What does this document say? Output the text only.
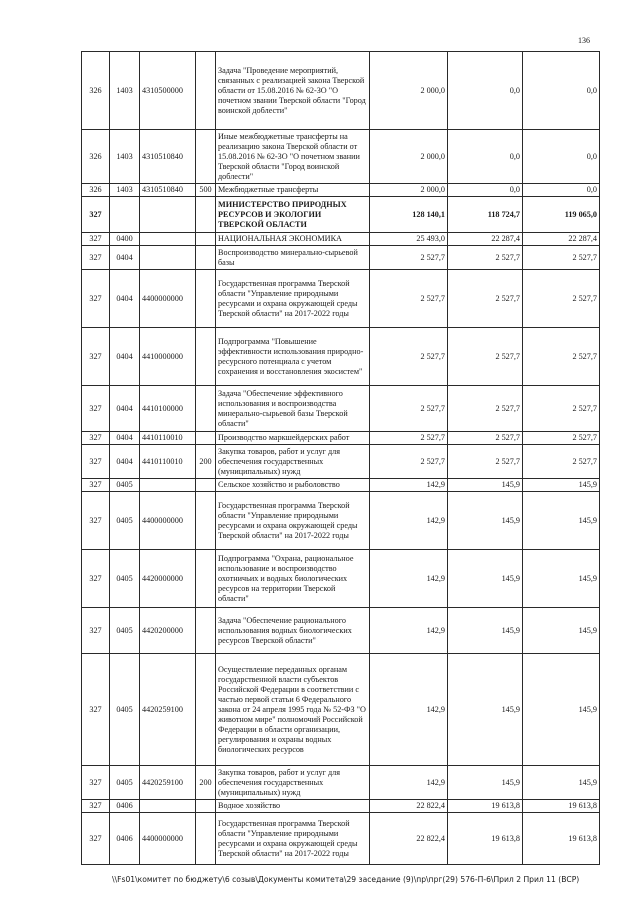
136
326	1403	4310500000		Задача "Проведение мероприятий, связанных с реализацией закона Тверской области от 15.08.2016 № 62-ЗО "О почетном звании Тверской области "Город воинской доблести"	2 000,0	0,0	0,0
326	1403	4310510840		Иные межбюджетные трансферты на реализацию закона Тверской области от 15.08.2016 № 62-ЗО "О почетном звании Тверской области "Город воинской доблести"	2 000,0	0,0	0,0
326	1403	4310510840	500	Межбюджетные трансферты	2 000,0	0,0	0,0
327				МИНИСТЕРСТВО ПРИРОДНЫХ РЕСУРСОВ И ЭКОЛОГИИ ТВЕРСКОЙ ОБЛАСТИ	128 140,1	118 724,7	119 065,0
327	0400			НАЦИОНАЛЬНАЯ ЭКОНОМИКА	25 493,0	22 287,4	22 287,4
327	0404			Воспроизводство минерально-сырьевой базы	2 527,7	2 527,7	2 527,7
327	0404	4400000000		Государственная программа Тверской области "Управление природными ресурсами и охрана окружающей среды Тверской области" на 2017-2022 годы	2 527,7	2 527,7	2 527,7
327	0404	4410000000		Подпрограмма "Повышение эффективности использования природно-ресурсного потенциала с учетом сохранения и восстановления экосистем"	2 527,7	2 527,7	2 527,7
327	0404	4410100000		Задача "Обеспечение эффективного использования и воспроизводства минерально-сырьевой базы Тверской области"	2 527,7	2 527,7	2 527,7
327	0404	4410110010		Производство маркшейдерских работ	2 527,7	2 527,7	2 527,7
327	0404	4410110010	200	Закупка товаров, работ и услуг для обеспечения государственных (муниципальных) нужд	2 527,7	2 527,7	2 527,7
327	0405			Сельское хозяйство и рыболовство	142,9	145,9	145,9
327	0405	4400000000		Государственная программа Тверской области "Управление природными ресурсами и охрана окружающей среды Тверской области" на 2017-2022 годы	142,9	145,9	145,9
327	0405	4420000000		Подпрограмма "Охрана, рациональное использование и воспроизводство охотничьих и водных биологических ресурсов на территории Тверской области"	142,9	145,9	145,9
327	0405	4420200000		Задача "Обеспечение рационального использования водных биологических ресурсов Тверской области"	142,9	145,9	145,9
327	0405	4420259100		Осуществление переданных органам государственной власти субъектов Российской Федерации в соответствии с частью первой статьи 6 Федерального закона от 24 апреля 1995 года № 52-ФЗ "О животном мире" полномочий Российской Федерации в области организации, регулирования и охраны водных биологических ресурсов	142,9	145,9	145,9
327	0405	4420259100	200	Закупка товаров, работ и услуг для обеспечения государственных (муниципальных) нужд	142,9	145,9	145,9
327	0406			Водное хозяйство	22 822,4	19 613,8	19 613,8
327	0406	4400000000		Государственная программа Тверской области "Управление природными ресурсами и охрана окружающей среды Тверской области" на 2017-2022 годы	22 822,4	19 613,8	19 613,8
\\Fs01\комитет по бюджету\6 созыв\Документы комитета\29 заседание (9)\пр\прг(29) 576-П-6\Прил 2 Прил 11 (ВСР)
